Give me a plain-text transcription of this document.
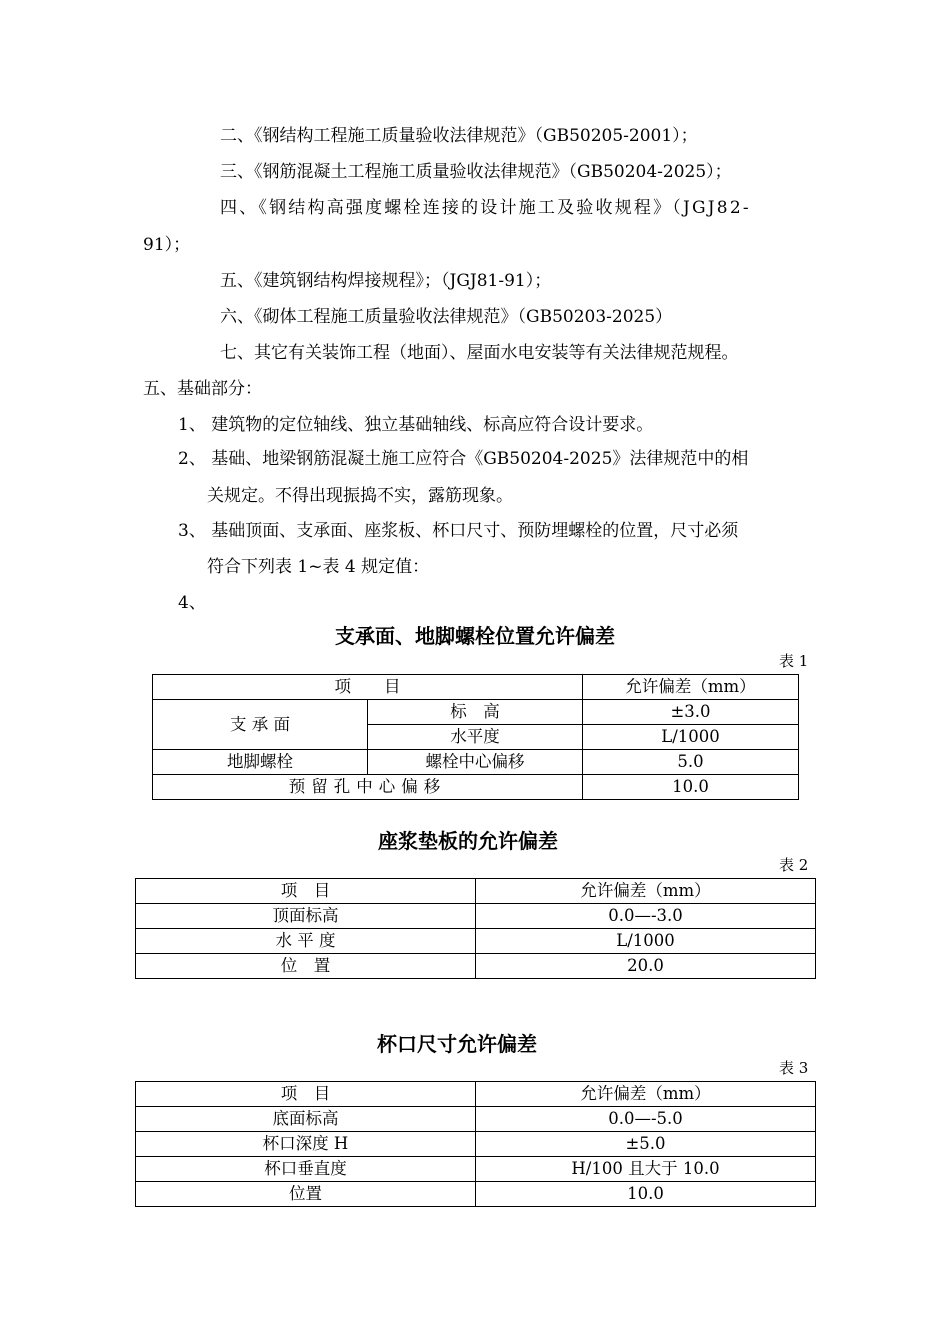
二、《钢结构工程施工质量验收法律规范》（GB50205-2001）；
三、《钢筋混凝土工程施工质量验收法律规范》（GB50204-2025）；
四、《钢结构高强度螺栓连接的设计施工及验收规程》（JGJ82-
91）；
五、《建筑钢结构焊接规程》；（JGJ81-91）；
六、《砌体工程施工质量验收法律规范》（GB50203-2025）
七、其它有关装饰工程（地面）、屋面水电安装等有关法律规范规程。
五、基础部分：
1、 建筑物的定位轴线、独立基础轴线、标高应符合设计要求。
2、 基础、地梁钢筋混凝土施工应符合《GB50204-2025》法律规范中的相
关规定。不得出现振捣不实，露筋现象。
3、 基础顶面、支承面、座浆板、杯口尺寸、预防埋螺栓的位置，尺寸必须
符合下列表 1~表 4 规定值：
4、
支承面、地脚螺栓位置允许偏差
表 1
项　　目		允许偏差（mm）
支 承 面	标　高	±3.0
	水平度	L/1000
地脚螺栓	螺栓中心偏移	5.0
预留孔中心偏移		10.0
座浆垫板的允许偏差
表 2
项　目	允许偏差（mm）
顶面标高	0.0—-3.0
水 平 度	L/1000
位　置	20.0
杯口尺寸允许偏差
表 3
项　目	允许偏差（mm）
底面标高	0.0—-5.0
杯口深度 H	±5.0
杯口垂直度	H/100 且大于 10.0
位置	10.0
